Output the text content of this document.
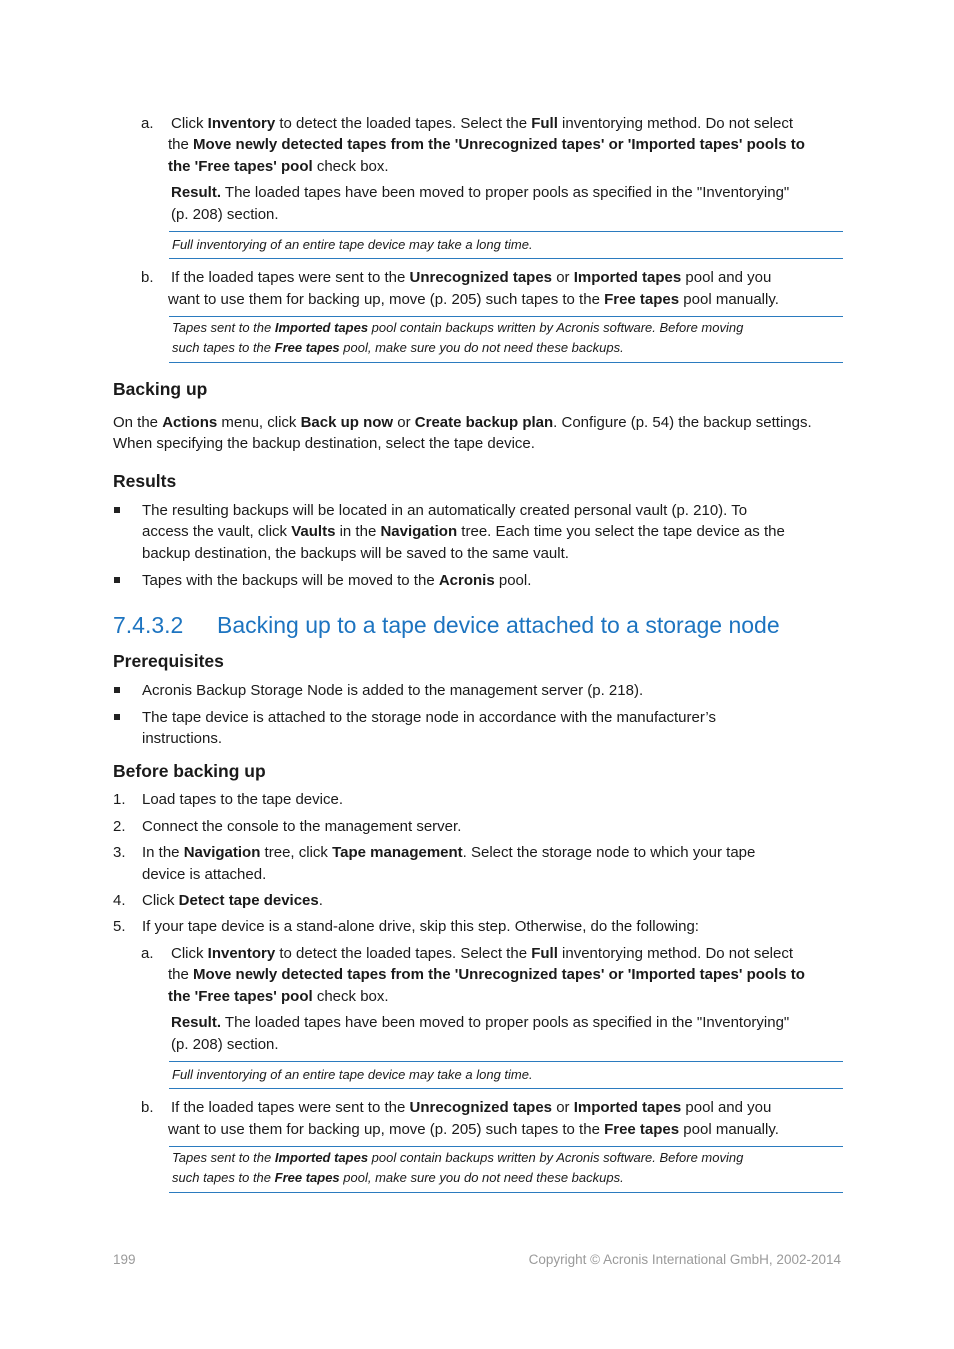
a. Click Inventory to detect the loaded tapes. Select the Full inventorying method. Do not select
the Move newly detected tapes from the 'Unrecognized tapes' or 'Imported tapes' pools to
the 'Free tapes' pool check box.
Result. The loaded tapes have been moved to proper pools as specified in the "Inventorying"
(p. 208) section.
Full inventorying of an entire tape device may take a long time.
b. If the loaded tapes were sent to the Unrecognized tapes or Imported tapes pool and you
want to use them for backing up, move (p. 205) such tapes to the Free tapes pool manually.
Tapes sent to the Imported tapes pool contain backups written by Acronis software. Before moving
such tapes to the Free tapes pool, make sure you do not need these backups.
Backing up
On the Actions menu, click Back up now or Create backup plan. Configure (p. 54) the backup settings.
When specifying the backup destination, select the tape device.
Results
The resulting backups will be located in an automatically created personal vault (p. 210). To
access the vault, click Vaults in the Navigation tree. Each time you select the tape device as the
backup destination, the backups will be saved to the same vault.
Tapes with the backups will be moved to the Acronis pool.
7.4.3.2 Backing up to a tape device attached to a storage node
Prerequisites
Acronis Backup Storage Node is added to the management server (p. 218).
The tape device is attached to the storage node in accordance with the manufacturer’s
instructions.
Before backing up
1. Load tapes to the tape device.
2. Connect the console to the management server.
3. In the Navigation tree, click Tape management. Select the storage node to which your tape
device is attached.
4. Click Detect tape devices.
5. If your tape device is a stand-alone drive, skip this step. Otherwise, do the following:
a. Click Inventory to detect the loaded tapes. Select the Full inventorying method. Do not select
the Move newly detected tapes from the 'Unrecognized tapes' or 'Imported tapes' pools to
the 'Free tapes' pool check box.
Result. The loaded tapes have been moved to proper pools as specified in the "Inventorying"
(p. 208) section.
Full inventorying of an entire tape device may take a long time.
b. If the loaded tapes were sent to the Unrecognized tapes or Imported tapes pool and you
want to use them for backing up, move (p. 205) such tapes to the Free tapes pool manually.
Tapes sent to the Imported tapes pool contain backups written by Acronis software. Before moving
such tapes to the Free tapes pool, make sure you do not need these backups.
199	Copyright © Acronis International GmbH, 2002-2014
